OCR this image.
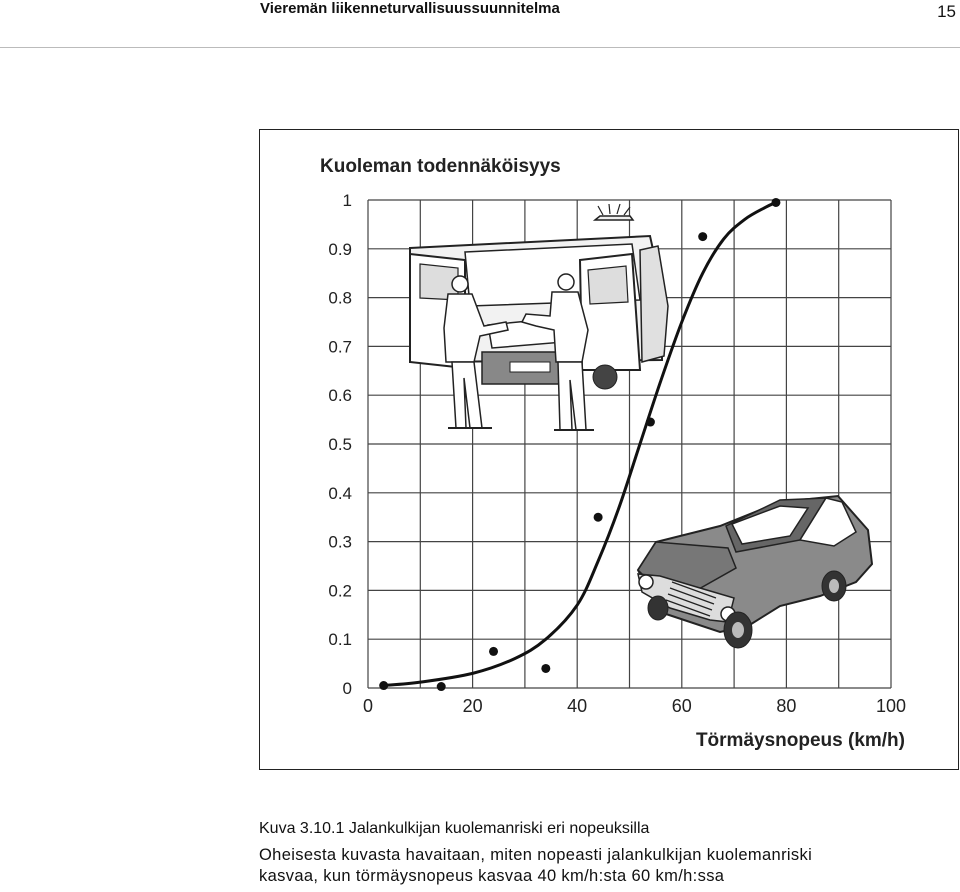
Vieremän liikenneturvallisuussuunnitelma	15
0
0.1
0.2
0.3
0.4
0.5
0.6
0.7
0.8
0.9
1
0	20	40	60	80	100
Kuoleman todennäköisyys
Törmäysnopeus (km/h)
Kuva 3.10.1 Jalankulkijan kuolemanriski eri nopeuksilla
Oheisesta kuvasta havaitaan, miten nopeasti jalankulkijan kuolemanriski
kasvaa, kun törmäysnopeus kasvaa 40 km/h:sta 60 km/h:ssa
